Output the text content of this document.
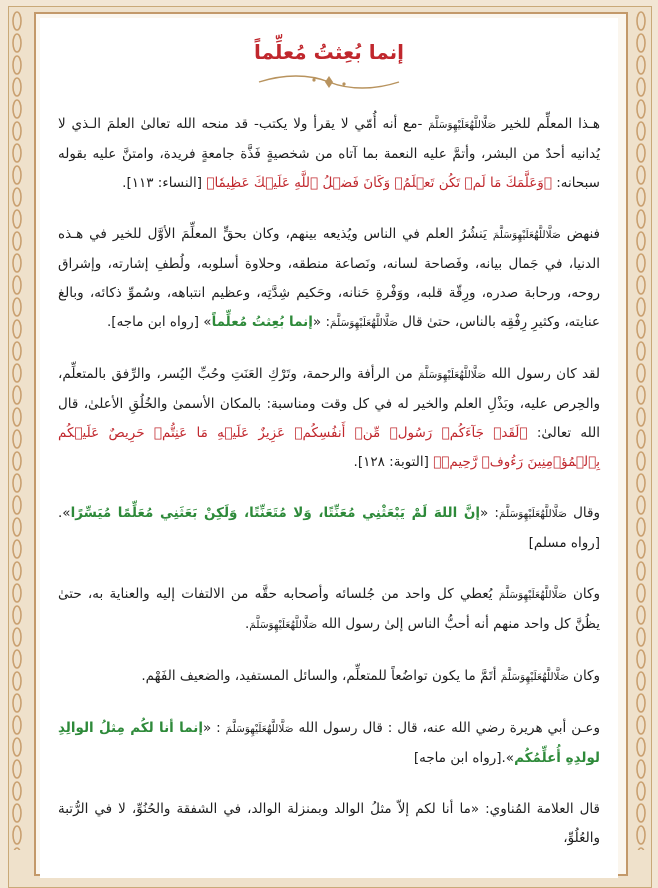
إنما بُعِثتُ مُعلِّماً

هـذا المعلِّم للخير صَلَّاللَّهُعَلَيْهِوَسَلَّمَ -مع أنه أُمّي لا يقرأ ولا يكتب- قد منحه الله تعالىٰ العلمَ الـذي لا يُدانيه أحدٌ من البشر، وأتمَّ عليه النعمة بما آتاه من شخصيةٍ فَذَّة جامعةٍ فريدة، وامتنَّ عليه بقوله سبحانه: ﴿وَعَلَّمَكَ مَا لَمۡ تَكُن تَعۡلَمُۚ وَكَانَ فَضۡلُ ٱللَّهِ عَلَيۡكَ عَظِيمٗا﴾ [النساء: ١١٣].

فنهض صَلَّاللَّهُعَلَيْهِوَسَلَّمَ يَنشُرُ العلم في الناس ويُذيعه بينهم، وكان بحقٍّ المعلِّمَ الأوَّل للخير في هـذه الدنيا، في جَمال بيانه، وفَصاحة لسانه، ونَصاعة منطقه، وحلاوة أسلوبه، ولُطفِ إشارته، وإشراق روحه، ورحابة صدره، ورِقّة قلبه، ووَفْرةِ حَنانه، وحَكيم شِدَّتِه، وعظيم انتباهه، وسُموِّ ذكائه، وبالغ عنايته، وكثيرِ رِفْقِه بالناس، حتىٰ قال صَلَّاللَّهُعَلَيْهِوَسَلَّمَ: «إنما بُعِثتُ مُعلِّماً» [رواه ابن ماجه].

لقد كان رسول الله صَلَّاللَّهُعَلَيْهِوَسَلَّمَ من الرأفة والرحمة، وتَرْكِ العَنَتِ وحُبِّ اليُسر، والرِّفق بالمتعلِّم، والحِرص عليه، وبَذْلِ العلم والخير له في كل وقت ومناسبة: بالمكان الأسمىٰ والخُلُقِ الأعلىٰ، قال الله تعالىٰ: ﴿لَقَدۡ جَآءَكُمۡ رَسُولٞ مِّنۡ أَنفُسِكُمۡ عَزِيزٌ عَلَيۡهِ مَا عَنِتُّمۡ حَرِيصٌ عَلَيۡكُم بِٱلۡمُؤۡمِنِينَ رَءُوفٞ رَّحِيمٞ﴾ [التوبة: ١٢٨].

وقال صَلَّاللَّهُعَلَيْهِوَسَلَّمَ: «إنَّ اللهَ لَمْ يَبْعَثْنِي مُعَنِّتًا، وَلا مُتَعَنِّتًا، وَلَكِنْ بَعَثَنِي مُعَلِّمًا مُيَسِّرًا». [رواه مسلم]

وكان صَلَّاللَّهُعَلَيْهِوَسَلَّمَ يُعطي كل واحد من جُلسائه وأصحابه حقَّه من الالتفات إليه والعناية به، حتىٰ يظُنَّ كل واحد منهم أنه أحبُّ الناس إلىٰ رسول الله صَلَّاللَّهُعَلَيْهِوَسَلَّمَ.

وكان صَلَّاللَّهُعَلَيْهِوَسَلَّمَ أتَمَّ ما يكون تواضُعاً للمتعلِّم، والسائل المستفيد، والضعيف الفَهْم.

وعـن أبي هريرة رضي الله عنه، قال : قال رسول الله صَلَّاللَّهُعَلَيْهِوَسَلَّمَ : «إنما أنا لكُم مِثلُ الوالِدِ لولدِهِ أُعلِّمُكُم».[رواه ابن ماجه]

قال العلامة المُناوي: «ما أنا لكم إلاّ مثلُ الوالد وبمنزلة الوالد، في الشفقة والحُنُوِّ، لا في الرُّتبة والعُلُوِّ،
